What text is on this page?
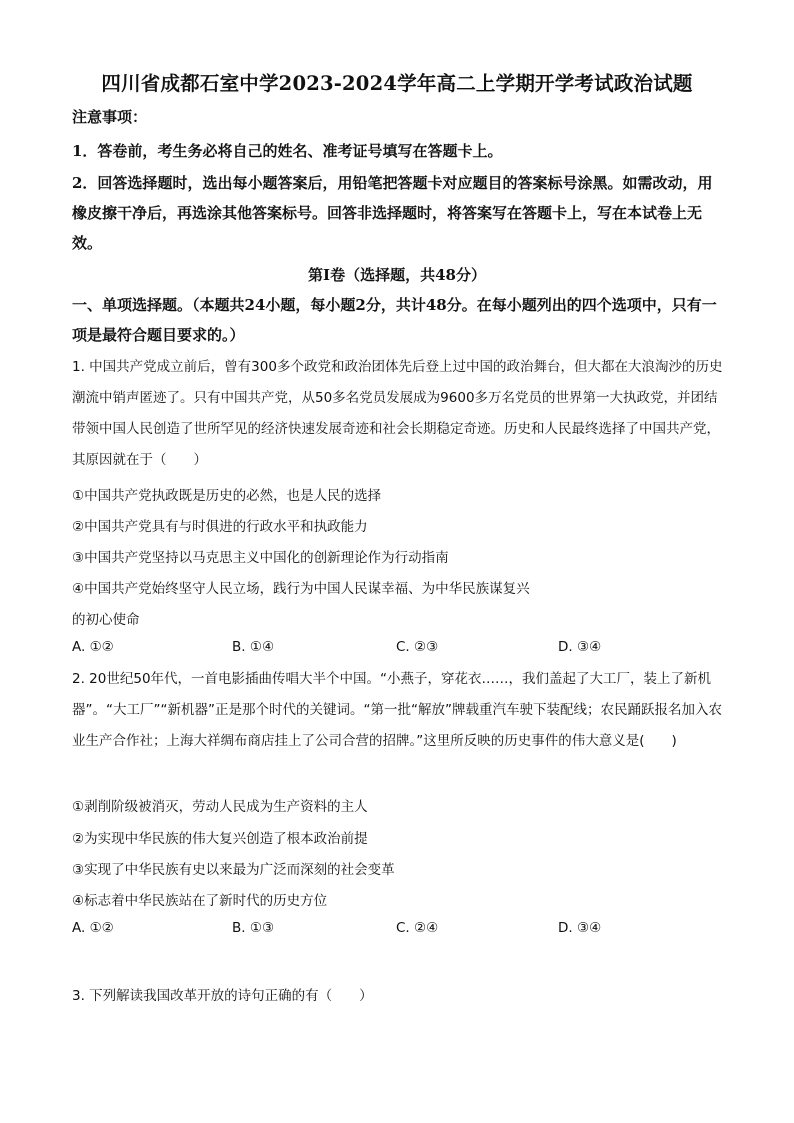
四川省成都石室中学2023-2024学年高二上学期开学考试政治试题
注意事项：
1．答卷前，考生务必将自己的姓名、准考证号填写在答题卡上。
2．回答选择题时，选出每小题答案后，用铅笔把答题卡对应题目的答案标号涂黑。如需改动，用橡皮擦干净后，再选涂其他答案标号。回答非选择题时，将答案写在答题卡上，写在本试卷上无效。
第Ⅰ卷（选择题，共48分）
一、单项选择题。（本题共24小题，每小题2分，共计48分。在每小题列出的四个选项中，只有一项是最符合题目要求的。）
1. 中国共产党成立前后，曾有300多个政党和政治团体先后登上过中国的政治舞台，但大都在大浪淘沙的历史潮流中销声匿迹了。只有中国共产党，从50多名党员发展成为9600多万名党员的世界第一大执政党，并团结带领中国人民创造了世所罕见的经济快速发展奇迹和社会长期稳定奇迹。历史和人民最终选择了中国共产党，其原因就在于（　　）
①中国共产党执政既是历史的必然，也是人民的选择
②中国共产党具有与时俱进的行政水平和执政能力
③中国共产党坚持以马克思主义中国化的创新理论作为行动指南
④中国共产党始终坚守人民立场，践行为中国人民谋幸福、为中华民族谋复兴
的初心使命
A. ①②	B. ①④	C. ②③	D. ③④
2. 20世纪50年代，一首电影插曲传唱大半个中国。“小燕子，穿花衣……，我们盖起了大工厂，装上了新机器”。“大工厂”“新机器”正是那个时代的关键词。“第一批“解放”牌载重汽车驶下装配线；农民踊跃报名加入农业生产合作社；上海大祥绸布商店挂上了公司合营的招牌。”这里所反映的历史事件的伟大意义是(　　)
①剥削阶级被消灭，劳动人民成为生产资料的主人
②为实现中华民族的伟大复兴创造了根本政治前提
③实现了中华民族有史以来最为广泛而深刻的社会变革
④标志着中华民族站在了新时代的历史方位
A. ①②	B. ①③	C. ②④	D. ③④
3. 下列解读我国改革开放的诗句正确的有（　　）
